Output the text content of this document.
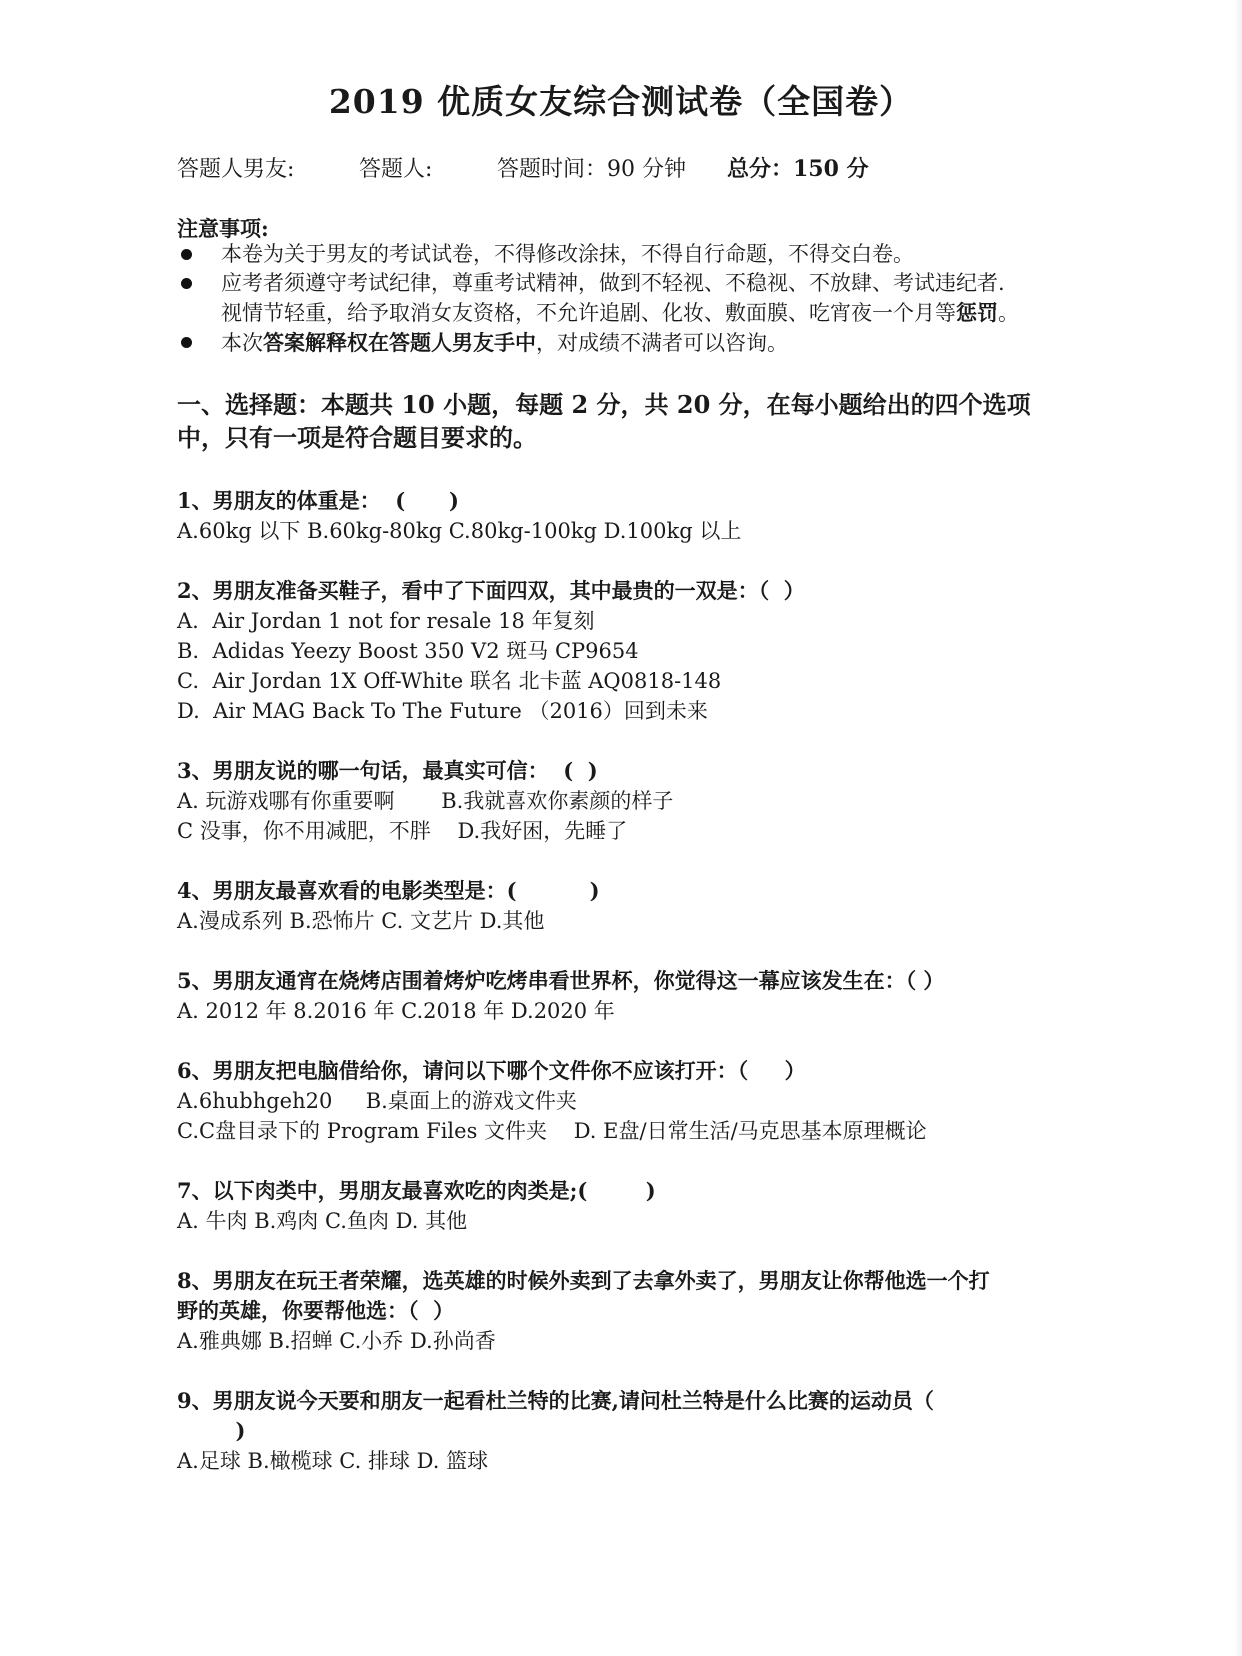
2019 优质女友综合测试卷（全国卷）
答题人男友:	答题人:	答题时间：90 分钟 总分：150 分
注意事项:
本卷为关于男友的考试试卷，不得修改涂抹，不得自行命题，不得交白卷。
应考者须遵守考试纪律，尊重考试精神，做到不轻视、不稳视、不放肆、考试违纪者.
视情节轻重，给予取消女友资格，不允许追剧、化妆、敷面膜、吃宵夜一个月等惩罚。
本次答案解释权在答题人男友手中，对成绩不满者可以咨询。
一、选择题：本题共 10 小题，每题 2 分，共 20 分，在每小题给出的四个选项
中，只有一项是符合题目要求的。
1、男朋友的体重是：  (      )
A.60kg 以下 B.60kg-80kg C.80kg-100kg D.100kg 以上
2、男朋友准备买鞋子，看中了下面四双，其中最贵的一双是：（  ）
A.  Air Jordan 1 not for resale 18 年复刻
B.  Adidas Yeezy Boost 350 V2 斑马 CP9654
C.  Air Jordan 1X Off-White 联名 北卡蓝 AQ0818-148
D.  Air MAG Back To The Future （2016）回到未来
3、男朋友说的哪一句话，最真实可信：  (  )
A. 玩游戏哪有你重要啊       B.我就喜欢你素颜的样子
C 没事，你不用减肥，不胖    D.我好困，先睡了
4、男朋友最喜欢看的电影类型是：(          )
A.漫成系列 B.恐怖片 C. 文艺片 D.其他
5、男朋友通宵在烧烤店围着烤炉吃烤串看世界杯，你觉得这一幕应该发生在：（ ）
A. 2012 年 8.2016 年 C.2018 年 D.2020 年
6、男朋友把电脑借给你，请问以下哪个文件你不应该打开：（     ）
A.6hubhgeh20     B.桌面上的游戏文件夹
C.C盘目录下的 Program Files 文件夹    D. E盘/日常生活/马克思基本原理概论
7、以下肉类中，男朋友最喜欢吃的肉类是;(        )
A. 牛肉 B.鸡肉 C.鱼肉 D. 其他
8、男朋友在玩王者荣耀，选英雄的时候外卖到了去拿外卖了，男朋友让你帮他选一个打
野的英雄，你要帮他选：（  ）
A.雅典娜 B.招蝉 C.小乔 D.孙尚香
9、男朋友说今天要和朋友一起看杜兰特的比赛,请问杜兰特是什么比赛的运动员（
)
A.足球 B.橄榄球 C. 排球 D. 篮球
